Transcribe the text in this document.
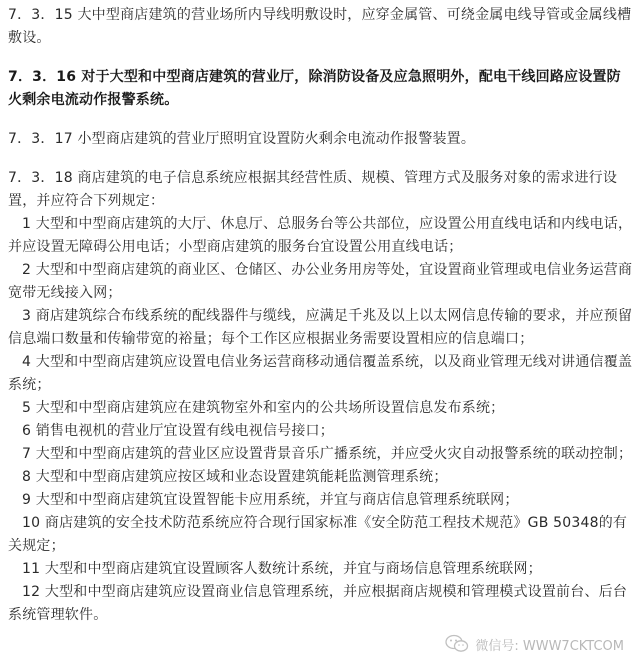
7．3．15 大中型商店建筑的营业场所内导线明敷设时，应穿金属管、可绕金属电线导管或金属线槽敷设。

7．3．16 对于大型和中型商店建筑的营业厅，除消防设备及应急照明外，配电干线回路应设置防火剩余电流动作报警系统。

7．3．17 小型商店建筑的营业厅照明宜设置防火剩余电流动作报警装置。

7．3．18 商店建筑的电子信息系统应根据其经营性质、规模、管理方式及服务对象的需求进行设置，并应符合下列规定：

1 大型和中型商店建筑的大厅、休息厅、总服务台等公共部位，应设置公用直线电话和内线电话，并应设置无障碍公用电话；小型商店建筑的服务台宜设置公用直线电话；

2 大型和中型商店建筑的商业区、仓储区、办公业务用房等处，宜设置商业管理或电信业务运营商宽带无线接入网；

3 商店建筑综合布线系统的配线器件与缆线，应满足千兆及以上以太网信息传输的要求，并应预留信息端口数量和传输带宽的裕量；每个工作区应根据业务需要设置相应的信息端口；

4 大型和中型商店建筑应设置电信业务运营商移动通信覆盖系统，以及商业管理无线对讲通信覆盖系统；

5 大型和中型商店建筑应在建筑物室外和室内的公共场所设置信息发布系统；

6 销售电视机的营业厅宜设置有线电视信号接口；

7 大型和中型商店建筑的营业区应设置背景音乐广播系统，并应受火灾自动报警系统的联动控制；

8 大型和中型商店建筑应按区域和业态设置建筑能耗监测管理系统；

9 大型和中型商店建筑宜设置智能卡应用系统，并宜与商店信息管理系统联网；

10 商店建筑的安全技术防范系统应符合现行国家标准《安全防范工程技术规范》GB 50348的有关规定；

11 大型和中型商店建筑宜设置顾客人数统计系统，并宜与商场信息管理系统联网；

12 大型和中型商店建筑应设置商业信息管理系统，并应根据商店规模和管理模式设置前台、后台系统管理软件。

微信号: WWW7CKTCOM
